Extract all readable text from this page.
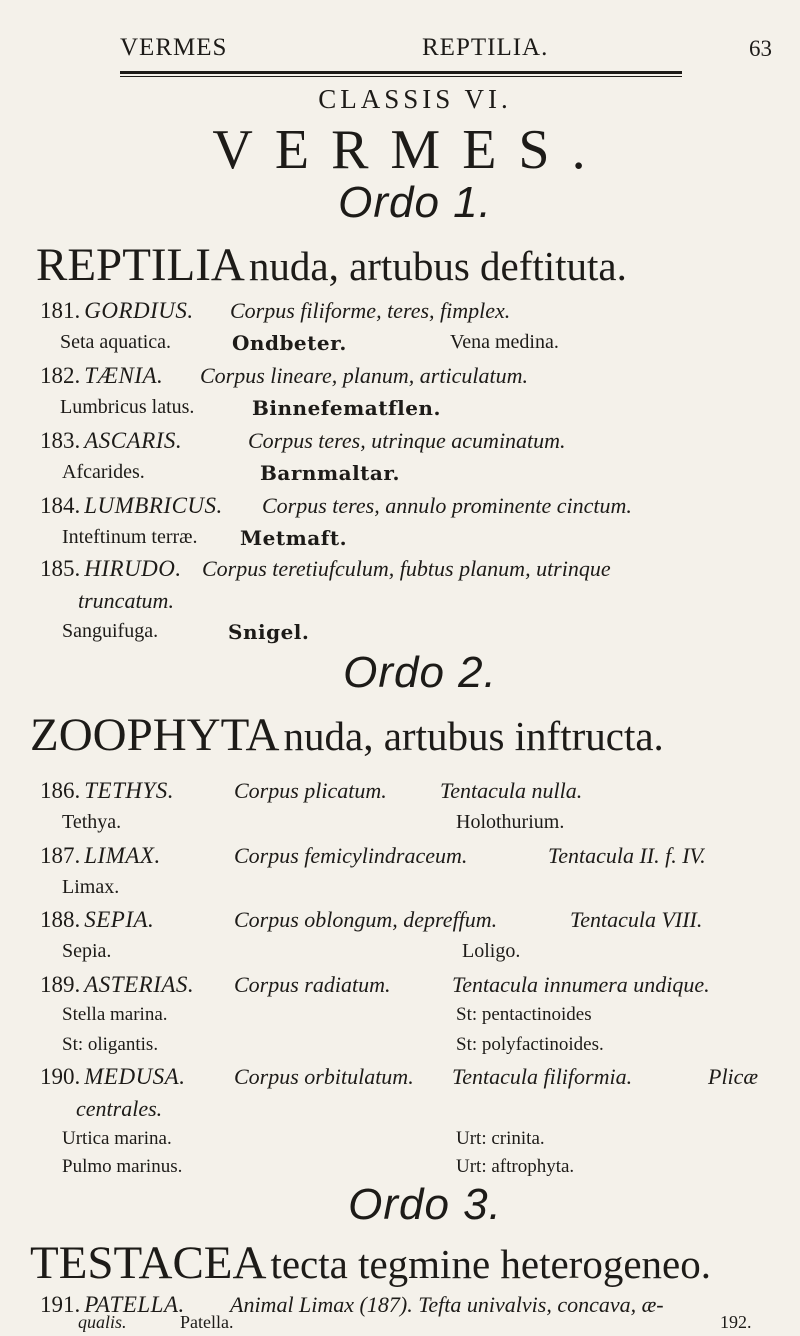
VERMES	REPTILIA.	63
CLASSIS VI.
VERMES.
Ordo 1.
REPTILIA nuda, artubus deftituta.
181. GORDIUS. Corpus filiforme, teres, fimplex.
Seta aquatica.	Ondbeter.	Vena medina.
182. TÆNIA. Corpus lineare, planum, articulatum.
Lumbricus latus.	Binnefematflen.
183. ASCARIS.	Corpus teres, utrinque acuminatum.
Afcarides.	Barnmaltar.
184. LUMBRICUS. Corpus teres, annulo prominente cinctum.
Inteftinum terræ. Metmaft.
185. HIRUDO. Corpus teretiufculum, fubtus planum, utrinque
truncatum.
Sanguifuga.	Snigel.
Ordo 2.
ZOOPHYTA nuda, artubus inftructa.
186. TETHYS.	Corpus plicatum. Tentacula nulla.
Tethya.	Holothurium.
187. LIMAX.	Corpus femicylindraceum.	Tentacula II. f. IV.
Limax.
188. SEPIA.	Corpus oblongum, depreffum.	Tentacula VIII.
Sepia.	Loligo.
189. ASTERIAS. Corpus radiatum.	Tentacula innumera undique.
Stella marina.	St: pentactinoides
St: oligantis.	St: polyfactinoides.
190. MEDUSA. Corpus orbitulatum. Tentacula filiformia.	Plicæ
centrales.
Urtica marina.	Urt: crinita.
Pulmo marinus.	Urt: aftrophyta.
Ordo 3.
TESTACEA tecta tegmine heterogeneo.
191. PATELLA. Animal Limax (187). Tefta univalvis, concava, æ-
qualis.	192.
Patella.
